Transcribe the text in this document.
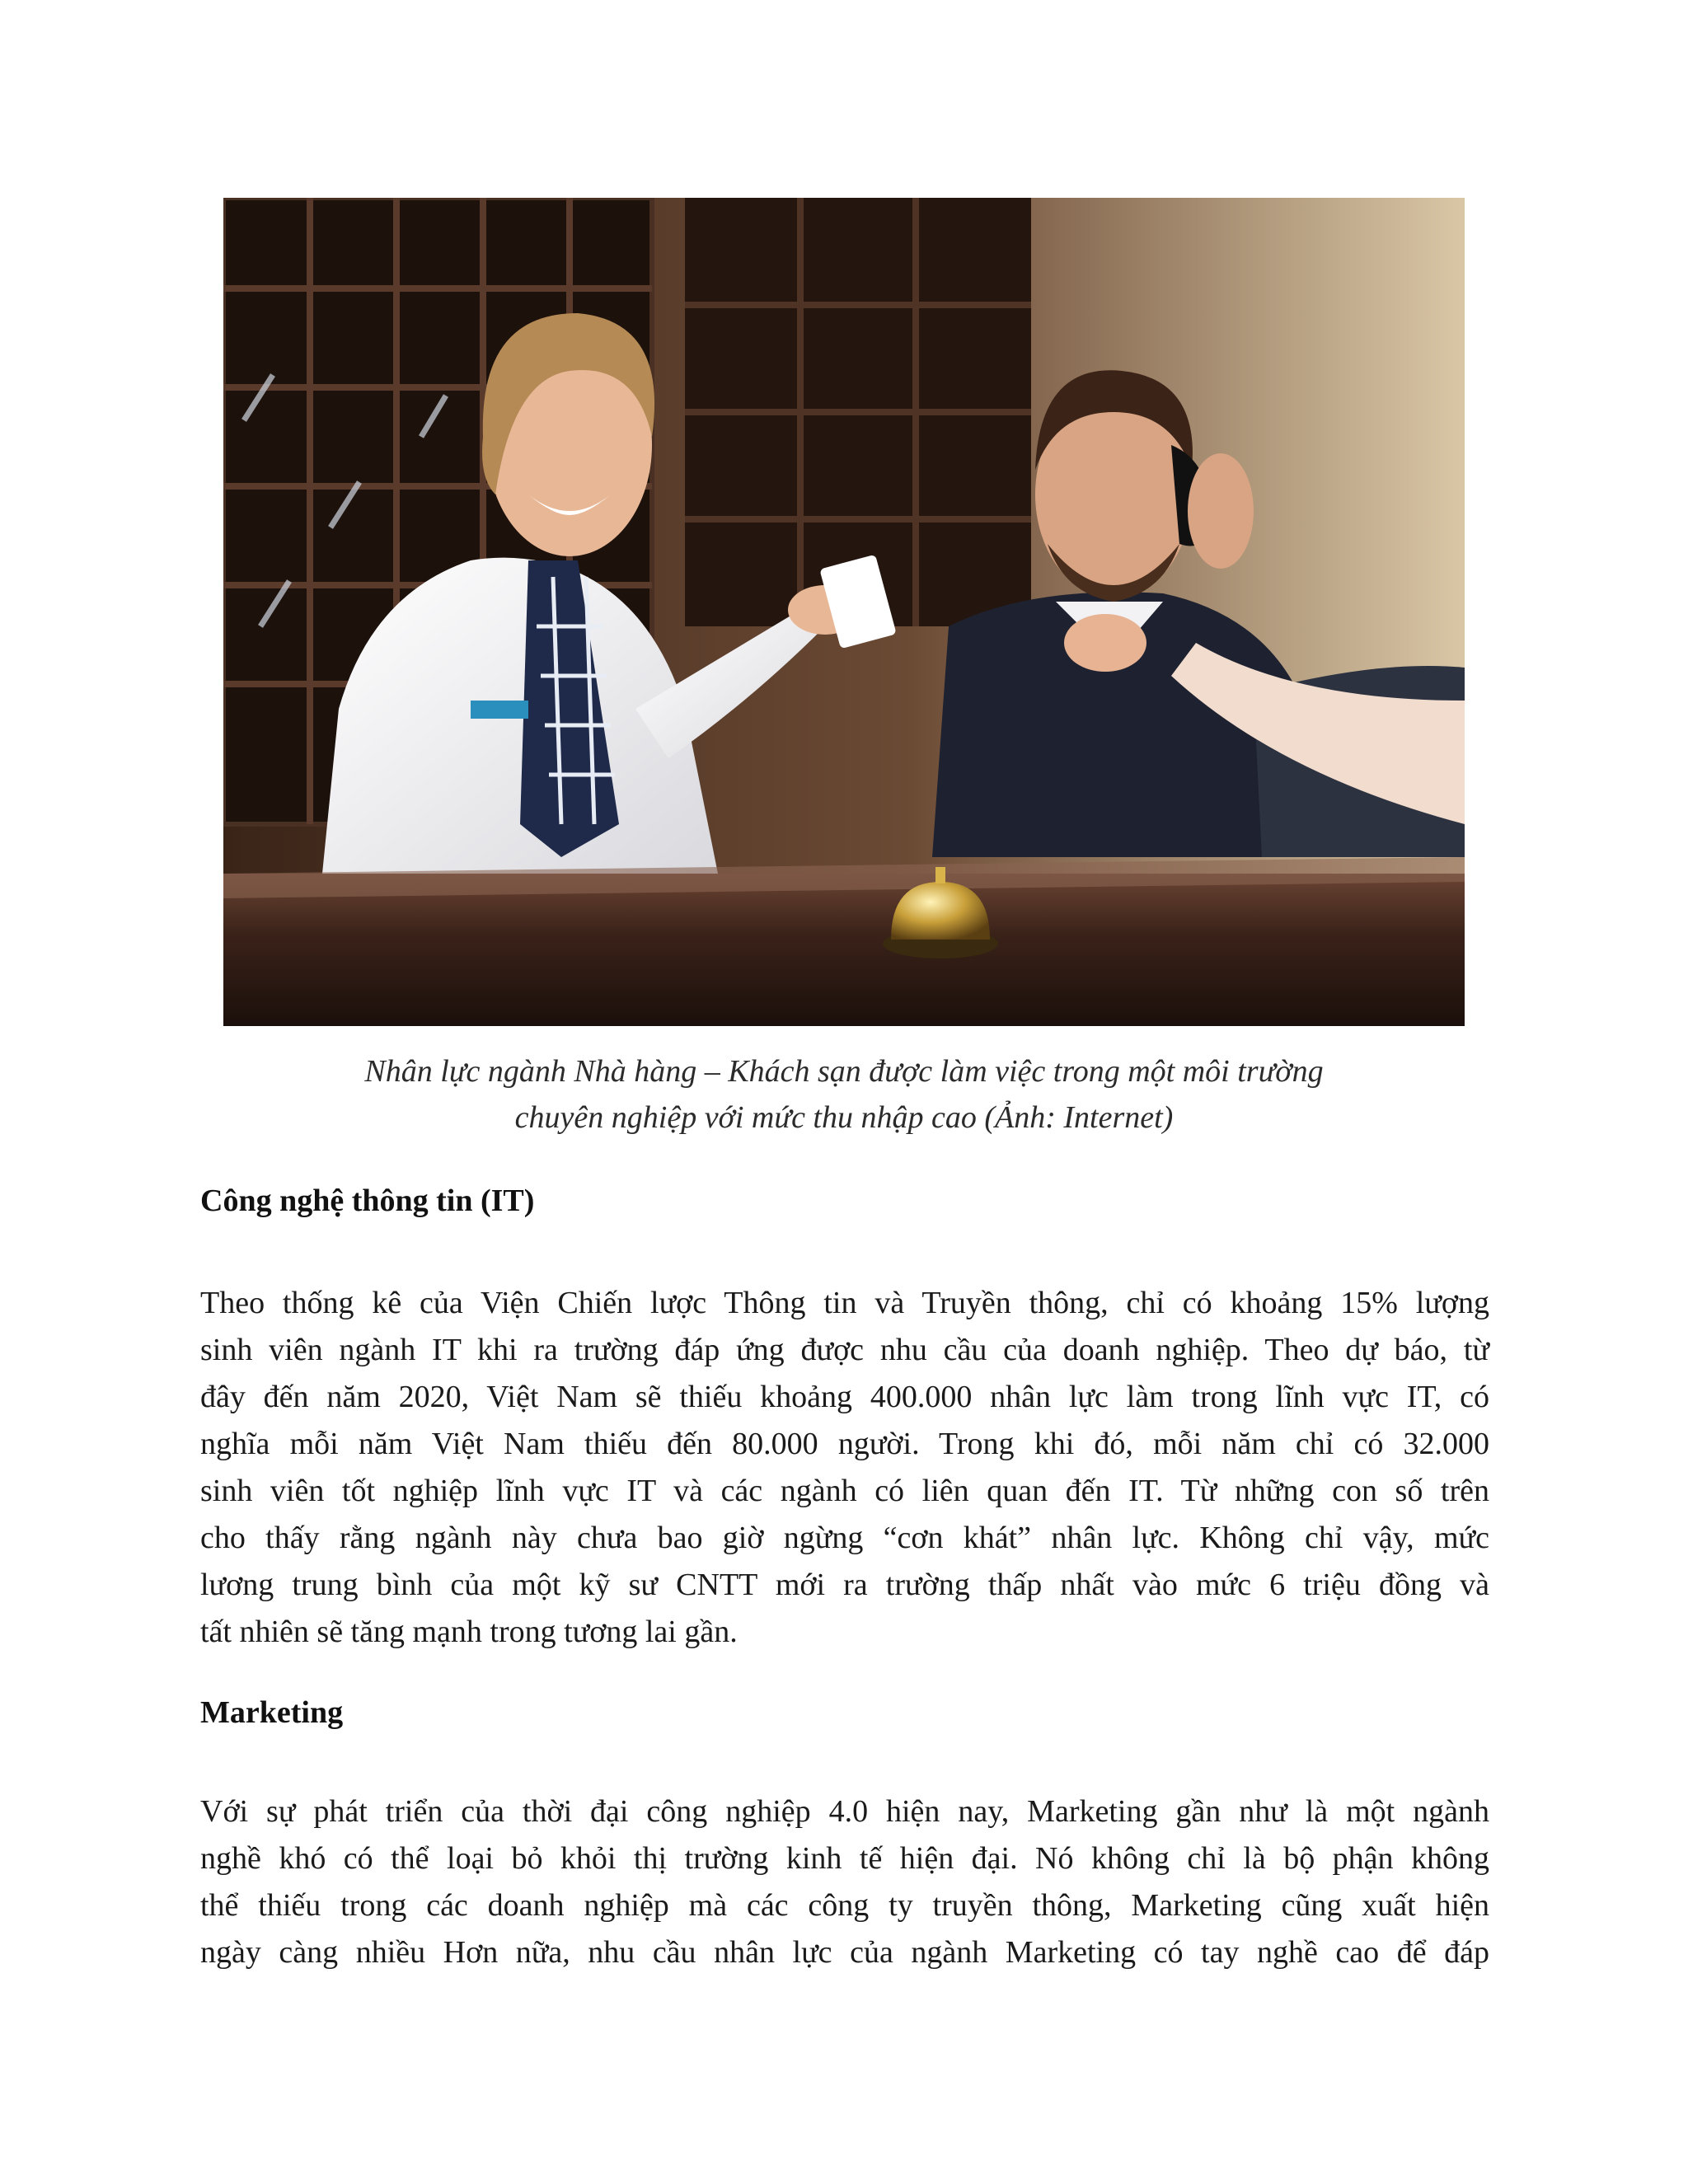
Nhân lực ngành Nhà hàng – Khách sạn được làm việc trong một môi trường
chuyên nghiệp với mức thu nhập cao (Ảnh: Internet)
Công nghệ thông tin (IT)
Theo thống kê của Viện Chiến lược Thông tin và Truyền thông, chỉ có khoảng 15% lượng
sinh viên ngành IT khi ra trường đáp ứng được nhu cầu của doanh nghiệp. Theo dự báo, từ
đây đến năm 2020, Việt Nam sẽ thiếu khoảng 400.000 nhân lực làm trong lĩnh vực IT, có
nghĩa mỗi năm Việt Nam thiếu đến 80.000 người. Trong khi đó, mỗi năm chỉ có 32.000
sinh viên tốt nghiệp lĩnh vực IT và các ngành có liên quan đến IT. Từ những con số trên
cho thấy rằng ngành này chưa bao giờ ngừng “cơn khát” nhân lực. Không chỉ vậy, mức
lương trung bình của một kỹ sư CNTT mới ra trường thấp nhất vào mức 6 triệu đồng và
tất nhiên sẽ tăng mạnh trong tương lai gần.
Marketing
Với sự phát triển của thời đại công nghiệp 4.0 hiện nay, Marketing gần như là một ngành
nghề khó có thể loại bỏ khỏi thị trường kinh tế hiện đại. Nó không chỉ là bộ phận không
thể thiếu trong các doanh nghiệp mà các công ty truyền thông, Marketing cũng xuất hiện
ngày càng nhiều Hơn nữa, nhu cầu nhân lực của ngành Marketing có tay nghề cao để đáp
